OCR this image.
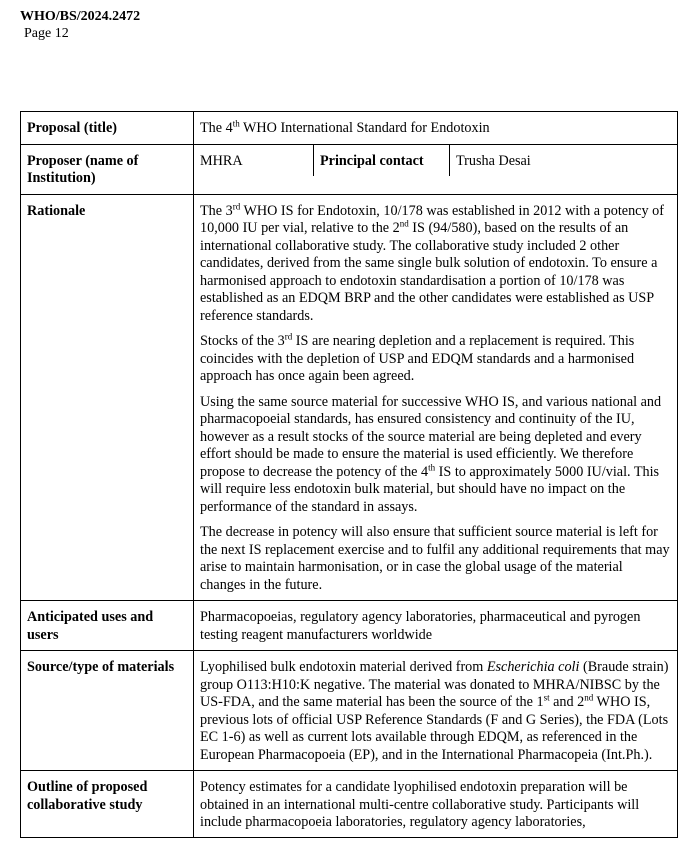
WHO/BS/2024.2472
Page 12
Proposal (title)	The 4th WHO International Standard for Endotoxin
Proposer (name of Institution)	MHRA Principal contact Trusha Desai

Rationale	The 3rd WHO IS for Endotoxin, 10/178 was established in 2012 with a potency of 10,000 IU per vial, relative to the 2nd IS (94/580), based on the results of an international collaborative study. The collaborative study included 2 other candidates, derived from the same single bulk solution of endotoxin. To ensure a harmonised approach to endotoxin standardisation a portion of 10/178 was established as an EDQM BRP and the other candidates were established as USP reference standards.

Stocks of the 3rd IS are nearing depletion and a replacement is required. This coincides with the depletion of USP and EDQM standards and a harmonised approach has once again been agreed.

Using the same source material for successive WHO IS, and various national and pharmacopoeial standards, has ensured consistency and continuity of the IU, however as a result stocks of the source material are being depleted and every effort should be made to ensure the material is used efficiently. We therefore propose to decrease the potency of the 4th IS to approximately 5000 IU/vial. This will require less endotoxin bulk material, but should have no impact on the performance of the standard in assays.

The decrease in potency will also ensure that sufficient source material is left for the next IS replacement exercise and to fulfil any additional requirements that may arise to maintain harmonisation, or in case the global usage of the material changes in the future.

Anticipated uses and users	Pharmacopoeias, regulatory agency laboratories, pharmaceutical and pyrogen testing reagent manufacturers worldwide
Source/type of materials	Lyophilised bulk endotoxin material derived from Escherichia coli (Braude strain) group O113:H10:K negative. The material was donated to MHRA/NIBSC by the US-FDA, and the same material has been the source of the 1st and 2nd WHO IS, previous lots of official USP Reference Standards (F and G Series), the FDA (Lots EC 1-6) as well as current lots available through EDQM, as referenced in the European Pharmacopoeia (EP), and in the International Pharmacopeia (Int.Ph.).
Outline of proposed collaborative study	Potency estimates for a candidate lyophilised endotoxin preparation will be obtained in an international multi-centre collaborative study. Participants will include pharmacopoeia laboratories, regulatory agency laboratories,
